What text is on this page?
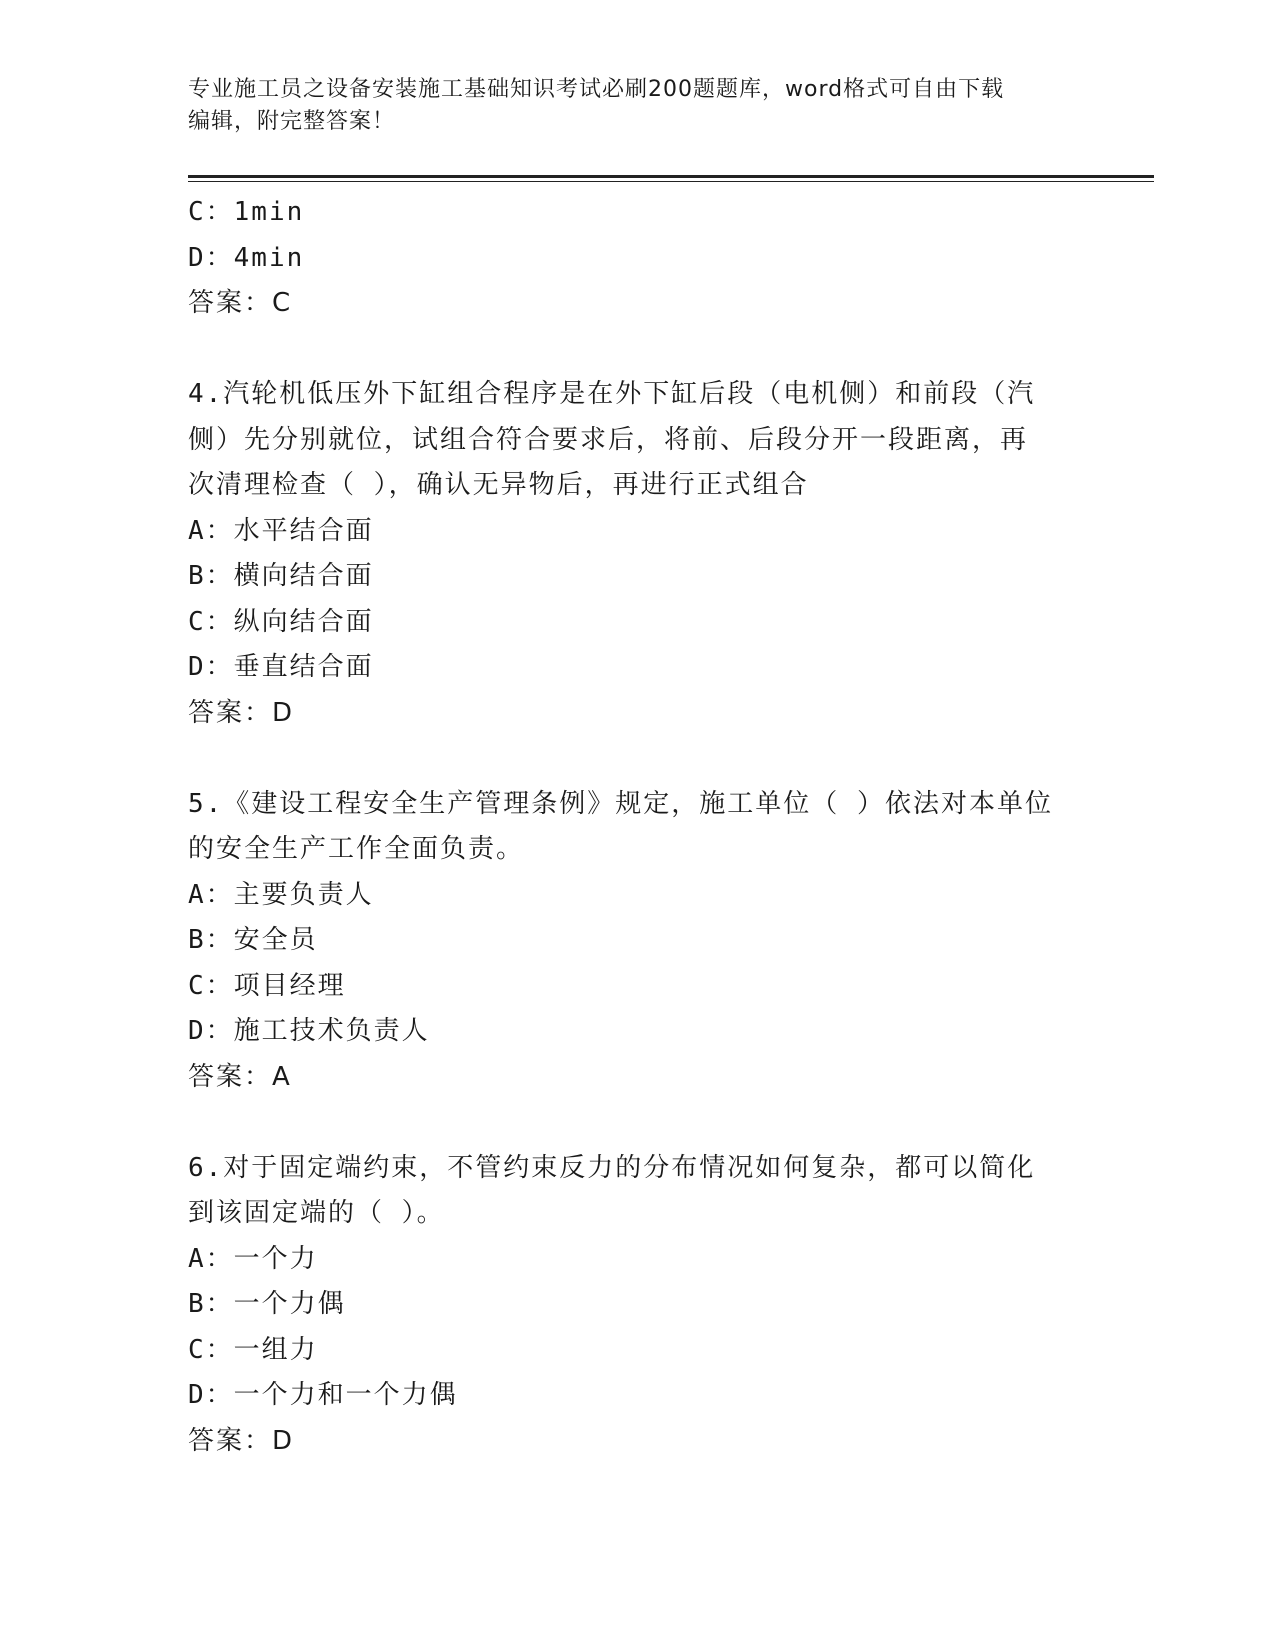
专业施工员之设备安装施工基础知识考试必刷200题题库，word格式可自由下载
编辑，附完整答案！
C：1min
D：4min
答案：C
4.汽轮机低压外下缸组合程序是在外下缸后段（电机侧）和前段（汽
侧）先分别就位，试组合符合要求后，将前、后段分开一段距离，再
次清理检查（ ），确认无异物后，再进行正式组合
A：水平结合面
B：横向结合面
C：纵向结合面
D：垂直结合面
答案：D
5.《建设工程安全生产管理条例》规定，施工单位（ ）依法对本单位
的安全生产工作全面负责。
A：主要负责人
B：安全员
C：项目经理
D：施工技术负责人
答案：A
6.对于固定端约束，不管约束反力的分布情况如何复杂，都可以简化
到该固定端的（ ）。
A：一个力
B：一个力偶
C：一组力
D：一个力和一个力偶
答案：D
